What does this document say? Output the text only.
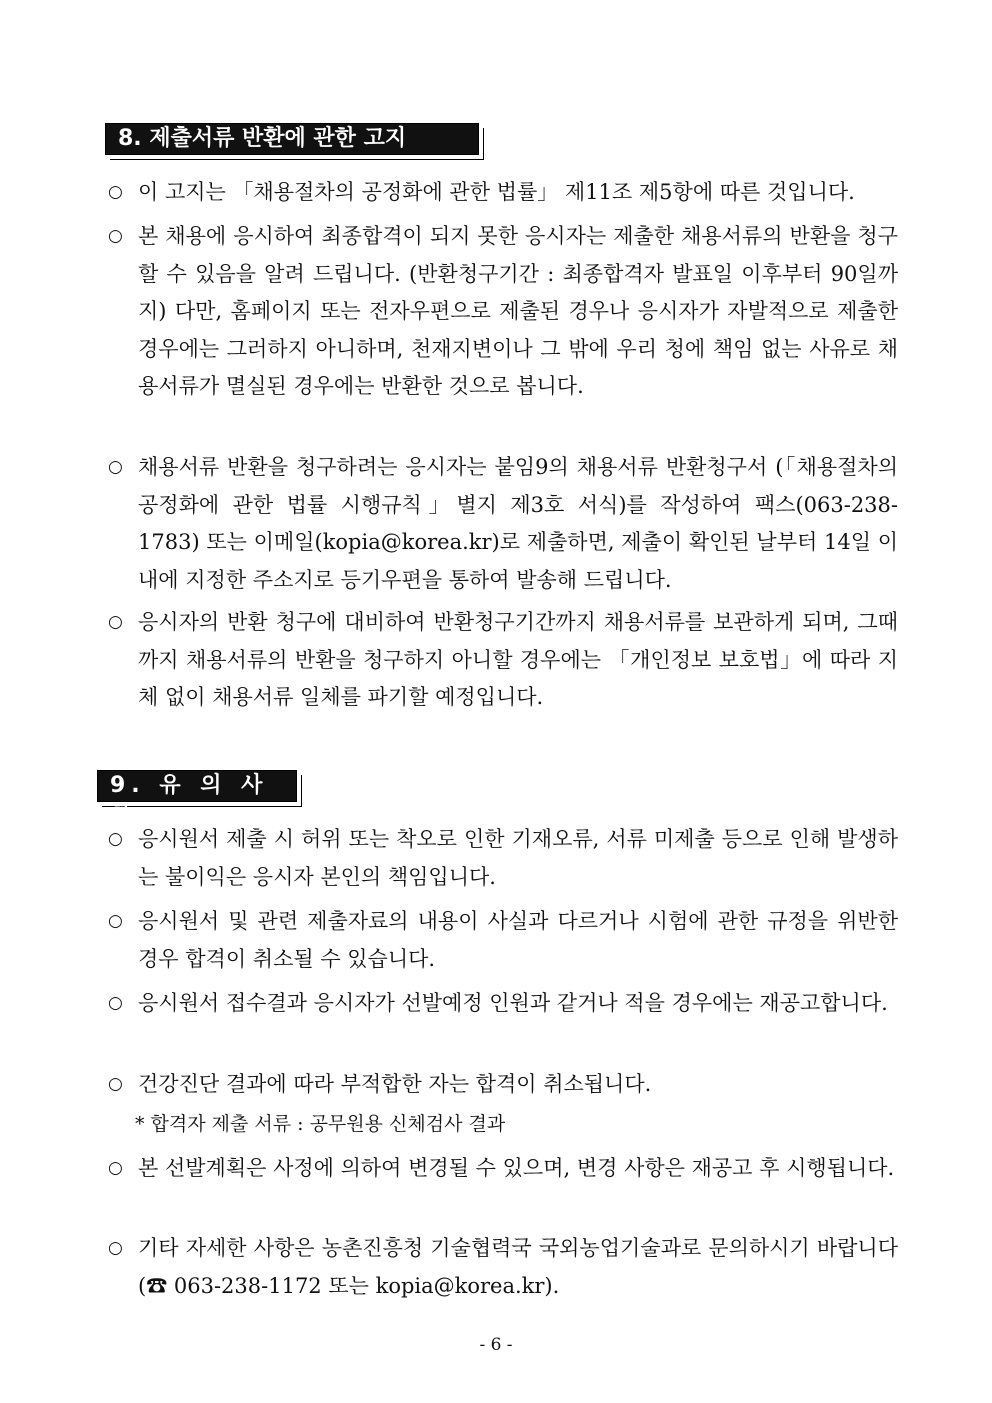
8. 제출서류 반환에 관한 고지
○ 이 고지는 「채용절차의 공정화에 관한 법률」 제11조 제5항에 따른 것입니다.
○ 본 채용에 응시하여 최종합격이 되지 못한 응시자는 제출한 채용서류의 반환을 청구할 수 있음을 알려 드립니다. (반환청구기간 : 최종합격자 발표일 이후부터 90일까지) 다만, 홈페이지 또는 전자우편으로 제출된 경우나 응시자가 자발적으로 제출한 경우에는 그러하지 아니하며, 천재지변이나 그 밖에 우리 청에 책임 없는 사유로 채용서류가 멸실된 경우에는 반환한 것으로 봅니다.
○ 채용서류 반환을 청구하려는 응시자는 붙임9의 채용서류 반환청구서 (「채용절차의 공정화에 관한 법률 시행규칙」별지 제3호 서식)를 작성하여 팩스(063-238-1783) 또는 이메일(kopia@korea.kr)로 제출하면, 제출이 확인된 날부터 14일 이내에 지정한 주소지로 등기우편을 통하여 발송해 드립니다.
○ 응시자의 반환 청구에 대비하여 반환청구기간까지 채용서류를 보관하게 되며, 그때까지 채용서류의 반환을 청구하지 아니할 경우에는 「개인정보 보호법」에 따라 지체 없이 채용서류 일체를 파기할 예정입니다.
9. 유 의 사 항
○ 응시원서 제출 시 허위 또는 착오로 인한 기재오류, 서류 미제출 등으로 인해 발생하는 불이익은 응시자 본인의 책임입니다.
○ 응시원서 및 관련 제출자료의 내용이 사실과 다르거나 시험에 관한 규정을 위반한 경우 합격이 취소될 수 있습니다.
○ 응시원서 접수결과 응시자가 선발예정 인원과 같거나 적을 경우에는 재공고합니다.
○ 건강진단 결과에 따라 부적합한 자는 합격이 취소됩니다.
* 합격자 제출 서류 : 공무원용 신체검사 결과
○ 본 선발계획은 사정에 의하여 변경될 수 있으며, 변경 사항은 재공고 후 시행됩니다.
○ 기타 자세한 사항은 농촌진흥청 기술협력국 국외농업기술과로 문의하시기 바랍니다(☎ 063-238-1172 또는 kopia@korea.kr).
- 6 -
